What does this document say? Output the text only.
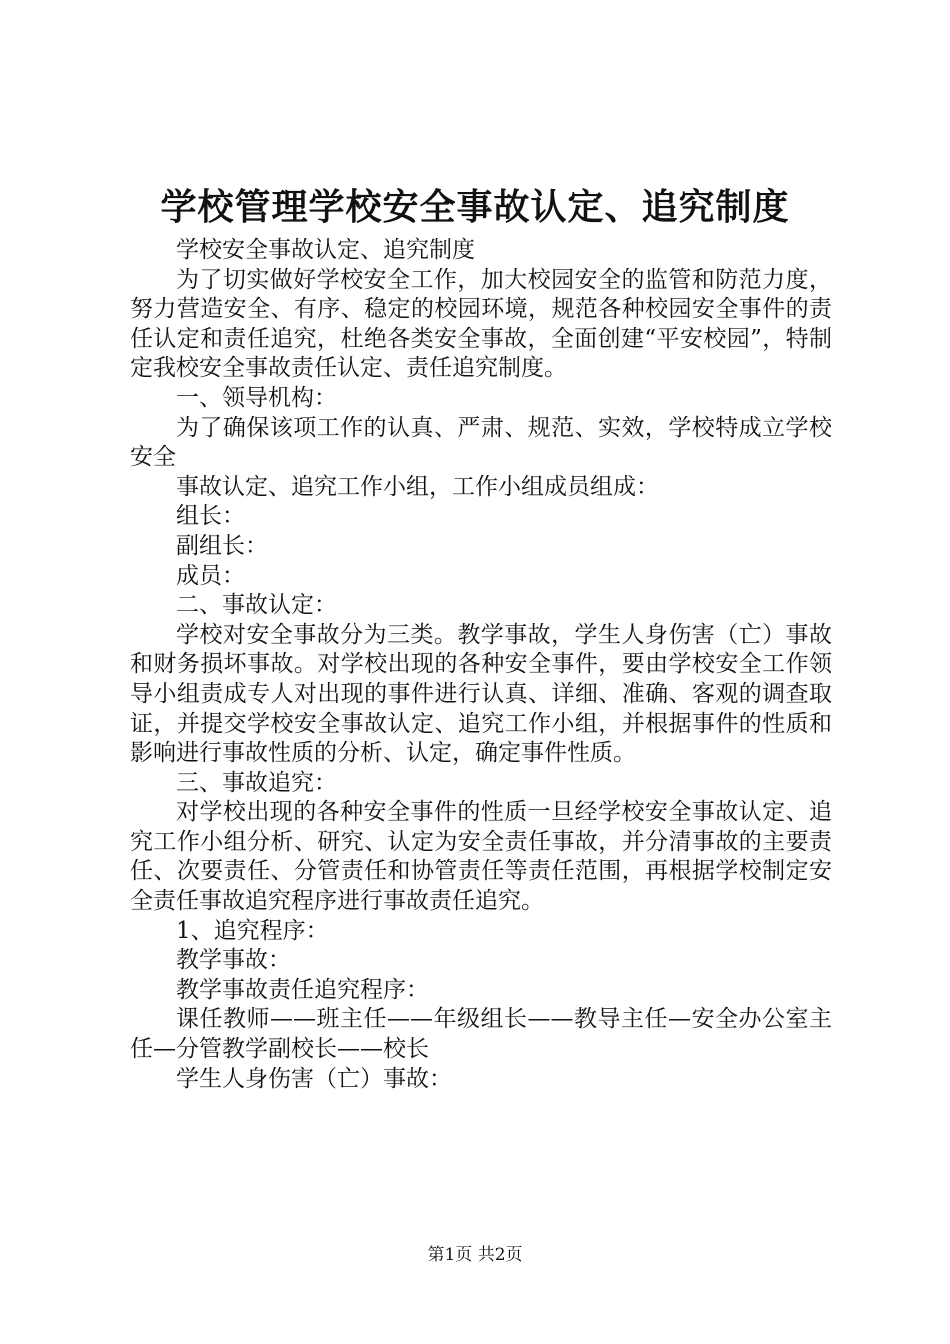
学校管理学校安全事故认定、追究制度

学校安全事故认定、追究制度

为了切实做好学校安全工作，加大校园安全的监管和防范力度，努力营造安全、有序、稳定的校园环境，规范各种校园安全事件的责任认定和责任追究，杜绝各类安全事故，全面创建“平安校园”，特制定我校安全事故责任认定、责任追究制度。

一、领导机构：

为了确保该项工作的认真、严肃、规范、实效，学校特成立学校安全

事故认定、追究工作小组，工作小组成员组成：

组长：

副组长：

成员：

二、事故认定：

学校对安全事故分为三类。教学事故，学生人身伤害（亡）事故和财务损坏事故。对学校出现的各种安全事件，要由学校安全工作领导小组责成专人对出现的事件进行认真、详细、准确、客观的调查取证，并提交学校安全事故认定、追究工作小组，并根据事件的性质和影响进行事故性质的分析、认定，确定事件性质。

三、事故追究：

对学校出现的各种安全事件的性质一旦经学校安全事故认定、追究工作小组分析、研究、认定为安全责任事故，并分清事故的主要责任、次要责任、分管责任和协管责任等责任范围，再根据学校制定安全责任事故追究程序进行事故责任追究。

1、追究程序：

教学事故：

教学事故责任追究程序：

课任教师——班主任——年级组长——教导主任—安全办公室主任—分管教学副校长——校长

学生人身伤害（亡）事故：

第1页 共2页
